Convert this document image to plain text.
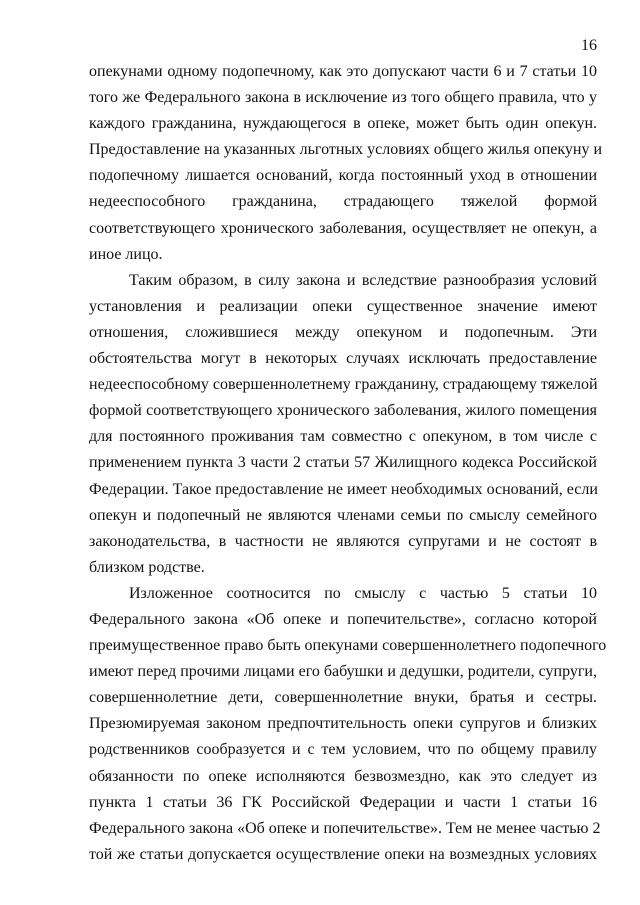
16
опекунами одному подопечному, как это допускают части 6 и 7 статьи 10
того же Федерального закона в исключение из того общего правила, что у
каждого гражданина, нуждающегося в опеке, может быть один опекун.
Предоставление на указанных льготных условиях общего жилья опекуну и
подопечному лишается оснований, когда постоянный уход в отношении
недееспособного гражданина, страдающего тяжелой формой
соответствующего хронического заболевания, осуществляет не опекун, а
иное лицо.
Таким образом, в силу закона и вследствие разнообразия условий
установления и реализации опеки существенное значение имеют
отношения, сложившиеся между опекуном и подопечным. Эти
обстоятельства могут в некоторых случаях исключать предоставление
недееспособному совершеннолетнему гражданину, страдающему тяжелой
формой соответствующего хронического заболевания, жилого помещения
для постоянного проживания там совместно с опекуном, в том числе с
применением пункта 3 части 2 статьи 57 Жилищного кодекса Российской
Федерации. Такое предоставление не имеет необходимых оснований, если
опекун и подопечный не являются членами семьи по смыслу семейного
законодательства, в частности не являются супругами и не состоят в
близком родстве.
Изложенное соотносится по смыслу с частью 5 статьи 10
Федерального закона «Об опеке и попечительстве», согласно которой
преимущественное право быть опекунами совершеннолетнего подопечного
имеют перед прочими лицами его бабушки и дедушки, родители, супруги,
совершеннолетние дети, совершеннолетние внуки, братья и сестры.
Презюмируемая законом предпочтительность опеки супругов и близких
родственников сообразуется и с тем условием, что по общему правилу
обязанности по опеке исполняются безвозмездно, как это следует из
пункта 1 статьи 36 ГК Российской Федерации и части 1 статьи 16
Федерального закона «Об опеке и попечительстве». Тем не менее частью 2
той же статьи допускается осуществление опеки на возмездных условиях
